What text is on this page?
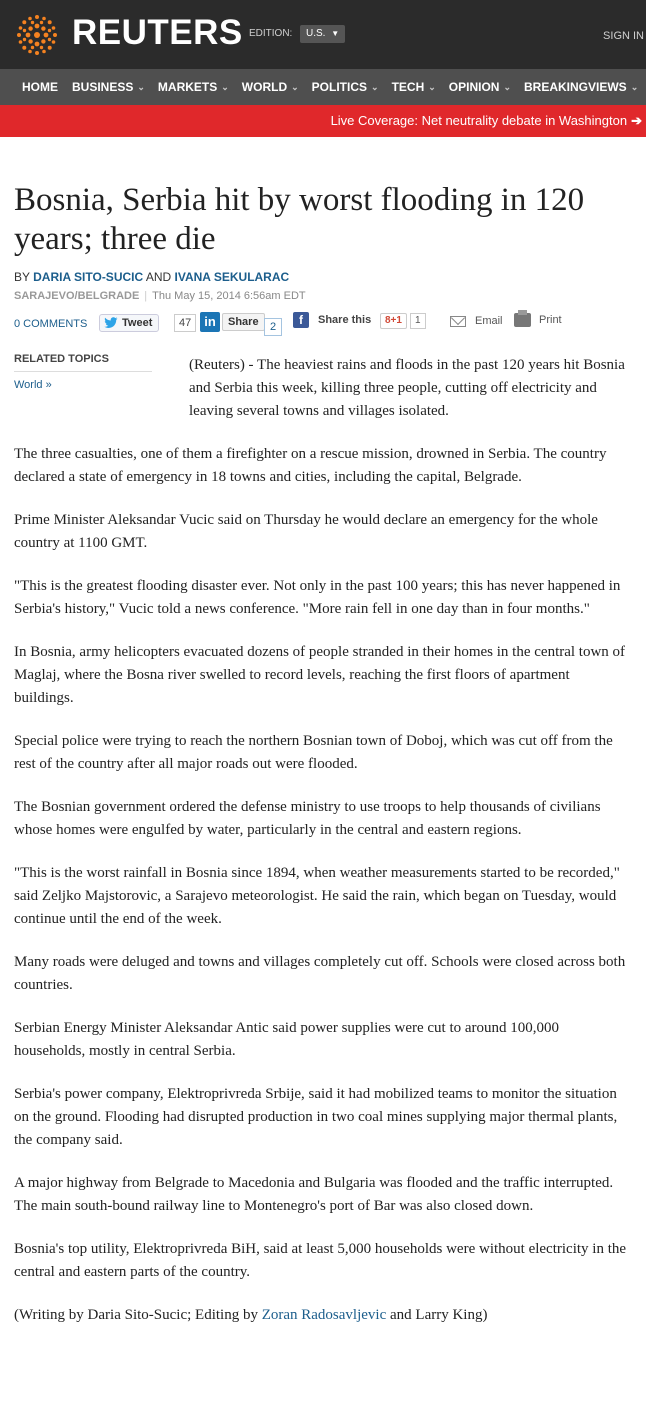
REUTERS EDITION:	U.S. ▼	SIGN IN
HOME BUSINESS ⌄ MARKETS ⌄ WORLD ⌄ POLITICS ⌄ TECH ⌄ OPINION ⌄ BREAKINGVIEWS ⌄
Live Coverage: Net neutrality debate in Washington ➔
Bosnia, Serbia hit by worst flooding in 120 years; three die
BY DARIA SITO-SUCIC AND IVANA SEKULARAC
SARAJEVO/BELGRADE | Thu May 15, 2014 6:56am EDT
0 COMMENTS	Tweet	47 in	Share	2	f	Share this	8+1	1	Email	Print
RELATED TOPICS
World »
(Reuters) - The heaviest rains and floods in the past 120 years hit Bosnia and Serbia this week, killing three people, cutting off electricity and leaving several towns and villages isolated.

The three casualties, one of them a firefighter on a rescue mission, drowned in Serbia. The country declared a state of emergency in 18 towns and cities, including the capital, Belgrade.

Prime Minister Aleksandar Vucic said on Thursday he would declare an emergency for the whole country at 1100 GMT.

"This is the greatest flooding disaster ever. Not only in the past 100 years; this has never happened in Serbia's history," Vucic told a news conference. "More rain fell in one day than in four months."

In Bosnia, army helicopters evacuated dozens of people stranded in their homes in the central town of Maglaj, where the Bosna river swelled to record levels, reaching the first floors of apartment buildings.

Special police were trying to reach the northern Bosnian town of Doboj, which was cut off from the rest of the country after all major roads out were flooded.

The Bosnian government ordered the defense ministry to use troops to help thousands of civilians whose homes were engulfed by water, particularly in the central and eastern regions.

"This is the worst rainfall in Bosnia since 1894, when weather measurements started to be recorded," said Zeljko Majstorovic, a Sarajevo meteorologist. He said the rain, which began on Tuesday, would continue until the end of the week.

Many roads were deluged and towns and villages completely cut off. Schools were closed across both countries.

Serbian Energy Minister Aleksandar Antic said power supplies were cut to around 100,000 households, mostly in central Serbia.

Serbia's power company, Elektroprivreda Srbije, said it had mobilized teams to monitor the situation on the ground. Flooding had disrupted production in two coal mines supplying major thermal plants, the company said.

A major highway from Belgrade to Macedonia and Bulgaria was flooded and the traffic interrupted. The main south-bound railway line to Montenegro's port of Bar was also closed down.

Bosnia's top utility, Elektroprivreda BiH, said at least 5,000 households were without electricity in the central and eastern parts of the country.

(Writing by Daria Sito-Sucic; Editing by Zoran Radosavljevic and Larry King)
